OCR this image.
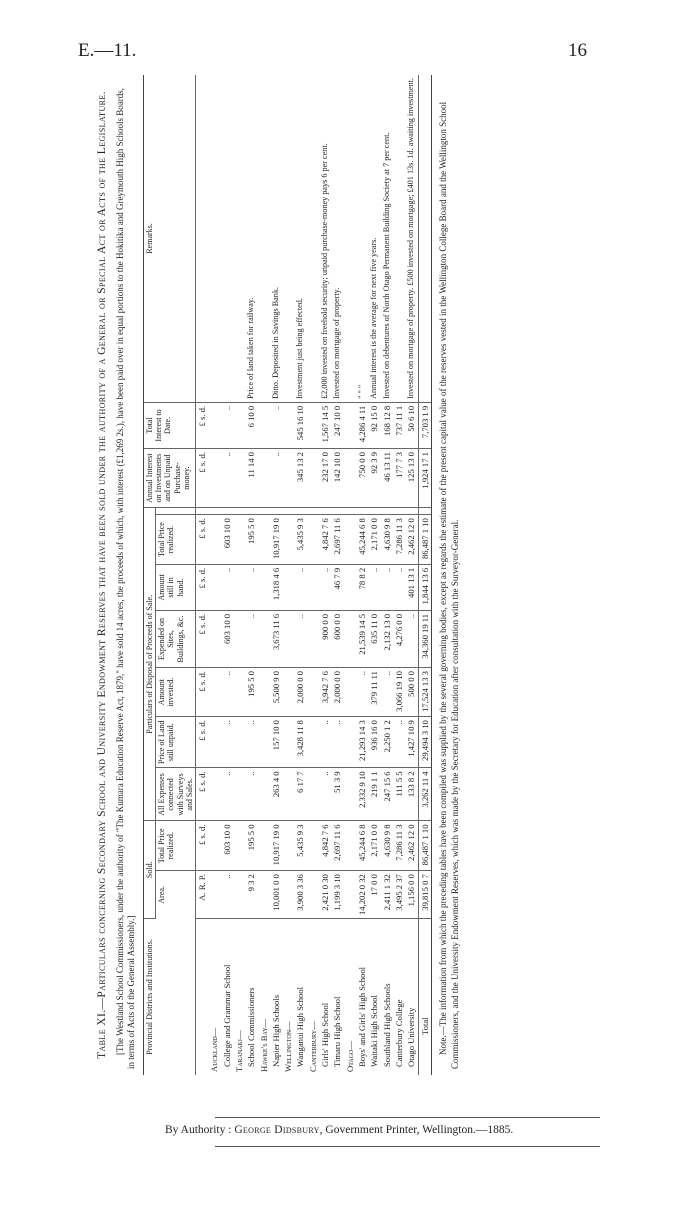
E.—11.	16
Table XI.—Particulars concerning Secondary School and University Endowment Reserves that have been sold under the authority of a General or Special Act or Acts of the Legislature. [The Westland School Commissioners, under the authority of "The Kumara Education Reserve Act, 1879," have sold 14 acres, the proceeds of which, with interest (£1,269 2s.), have been paid over in equal portions to the Hokitika and Greymouth High Schools Boards, in terms of Acts of the General Assembly.] Provincial Districts and Institutions.	Sold.		Particulars of Disposal of Proceeds of Sale.							Annual Interest on Investments and on Unpaid Purchase-money.	Total Interest to Date.	Remarks.
	Area.	Total Price realized.	All Expenses connected with Surveys and Sales.	Price of Land still unpaid.	Amount invested.	Expended on Sites, Buildings, &c.	Amount still in hand.	Total Price realized.				
	A. R. P.	£ s. d.	£ s. d.	£ s. d.	£ s. d.	£ s. d.	£ s. d.	£ s. d.		£ s. d.	£ s. d.	
Auckland—												
College and Grammar School	..	603 10 0	..	..	..	603 10 0	..	603 10 0		..	..	
Taranaki—												
School Commissioners	9 3 2	195 5 0	..	..	195 5 0	..	..	195 5 0		11 14 0	6 10 0	Price of land taken for railway.
Hawke's Bay—												
Napier High Schools	10,001 0 0	10,917 19 0	263 4 0	157 10 0	5,500 9 0	3,673 11 6	1,318 4 6	10,917 19 0		..	..	Ditto. Deposited in Savings Bank.
Wellington—												
Wanganui High School	3,900 3 36	5,435 9 3	6 17 7	3,428 11 8	2,000 0 0	..	..	5,435 9 3		345 13 2	545 16 10	Investment just being effected.
Canterbury—												
Girls' High School	2,421 0 30	4,842 7 6	..	..	3,942 7 6	900 0 0	..	4,842 7 6		232 17 0	1,567 14 5	£2,000 invested on freehold security; unpaid purchase-money pays 6 per cent.
Timaru High School	1,199 3 10	2,697 11 6	51 3 9	..	2,000 0 0	600 0 0	46 7 9	2,697 11 6		142 10 0	247 10 0	Invested on mortgage of property.
Otago—												
Boys' and Girls' High School	14,202 0 32	45,244 6 8	2,332 9 10	21,293 14 3	..	21,539 14 5	78 8 2	45,244 6 8		750 0 0	4,286 4 11	" " "
Waitaki High School	17 0 0	2,171 0 0	219 1 1	936 16 0	379 11 11	635 11 0	..	2,171 0 0		92 3 9	92 15 0	Annual interest is the average for next five years.
Southland High Schools	2,411 1 32	4,630 9 8	247 15 6	2,250 1 2	..	2,132 13 0	..	4,630 9 8		46 13 11	168 12 8	Invested on debentures of North Otago Permanent Building Society at 7 per cent.
Canterbury College	3,495 2 37	7,286 11 3	111 5 5	..	3,066 19 10	4,276 0 0	..	7,286 11 3		177 7 3	737 11 1	
Otago University	1,156 0 0	2,462 12 0	133 8 2	1,427 10 9	500 0 0	..	401 13 1	2,462 12 0		125 13 0	50 6 10	Invested on mortgage of property. £500 invested on mortgage; £401 13s. 1d. awaiting investment.
Total	39,815 0 7	86,487 1 10	3,262 11 4	29,494 3 10	17,524 13 3	34,360 19 11	1,844 13 6	86,487 1 10		1,924 17 1	7,703 1 9	Note.—The information from which the preceding tables have been compiled was supplied by the several governing bodies, except as regards the estimate of the present capital value of the reserves vested in the Wellington College Board and the Wellington School Commissioners, and the University Endowment Reserves, which was made by the Secretary for Education after consultation with the Surveyor-General.
By Authority : George Didsbury, Government Printer, Wellington.—1885.
